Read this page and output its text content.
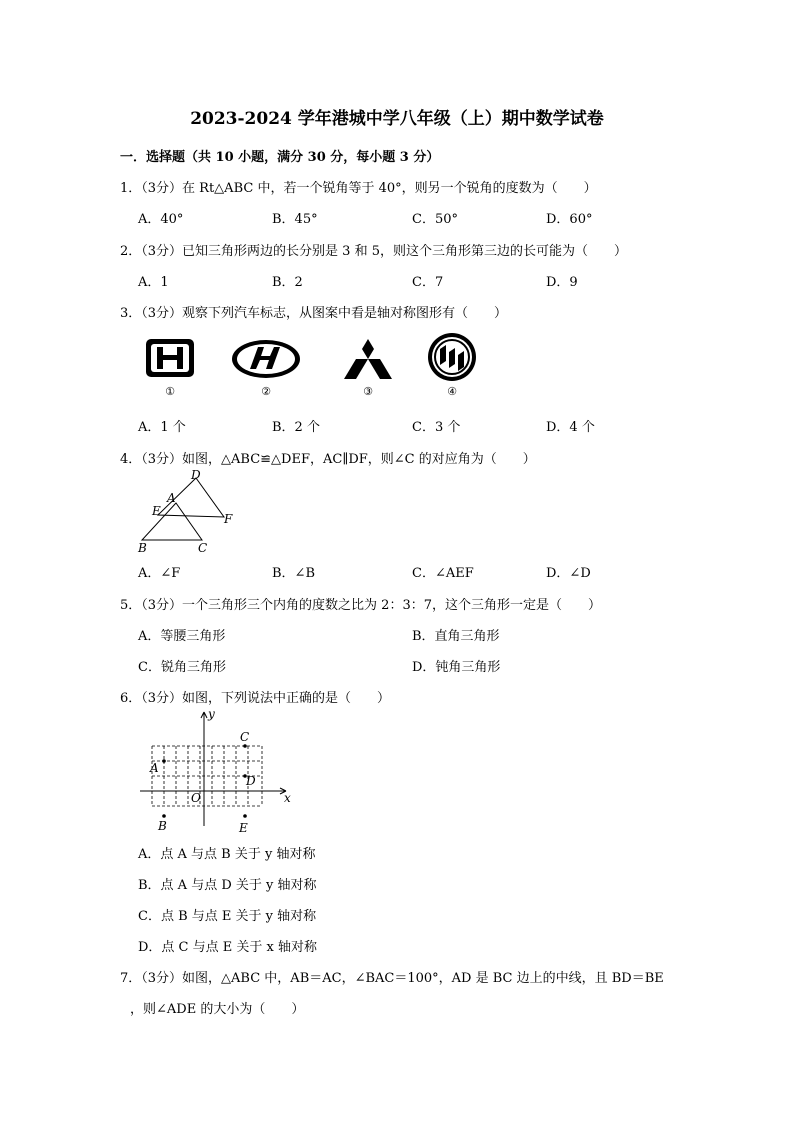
2023-2024 学年港城中学八年级（上）期中数学试卷
一．选择题（共 10 小题，满分 30 分，每小题 3 分）
1．（3分）在 Rt△ABC 中，若一个锐角等于 40°，则另一个锐角的度数为（　　）
A．40°	B．45°	C．50°	D．60°
2．（3分）已知三角形两边的长分别是 3 和 5，则这个三角形第三边的长可能为（　　）
A．1	B．2	C．7	D．9
3．（3分）观察下列汽车标志，从图案中看是轴对称图形有（　　）
①	②	③	④
A．1 个	B．2 个	C．3 个	D．4 个
4．（3分）如图，△ABC≌△DEF，AC∥DF，则∠C 的对应角为（　　）
D
A
E
F
B	C
A．∠F	B．∠B	C．∠AEF	D．∠D
5．（3分）一个三角形三个内角的度数之比为 2：3：7，这个三角形一定是（　　）
A．等腰三角形	B．直角三角形
C．锐角三角形	D．钝角三角形
6．（3分）如图，下列说法中正确的是（　　）
y
x
O
A
B
C
D
E
A．点 A 与点 B 关于 y 轴对称
B．点 A 与点 D 关于 y 轴对称
C．点 B 与点 E 关于 y 轴对称
D．点 C 与点 E 关于 x 轴对称
7．（3分）如图，△ABC 中，AB＝AC，∠BAC＝100°，AD 是 BC 边上的中线，且 BD＝BE
，则∠ADE 的大小为（　　）
